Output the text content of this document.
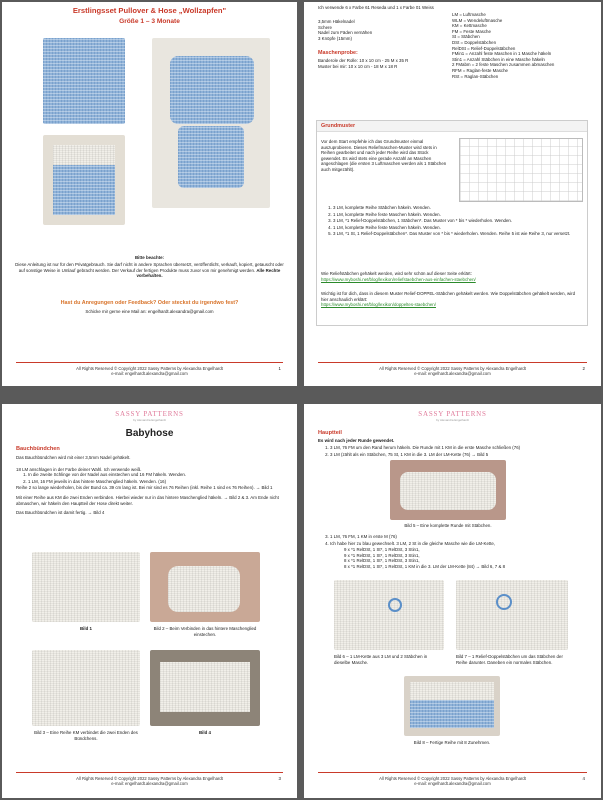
Erstlingsset Pullover & Hose „Wollzapfen"
Größe 1 – 3 Monate
Bitte beachte:
Diese Anleitung ist nur für den Privatgebrauch. Sie darf nicht in andere Sprachen übersetzt, veröffentlicht, verkauft, kopiert, getauscht oder auf sonstige Weise in Umlauf gebracht werden. Der Verkauf der fertigen Produkte muss zuvor von mir genehmigt werden. Alle Rechte vorbehalten.
Hast du Anregungen oder Feedback? Oder steckst du irgendwo fest?
Schicke mir gerne eine Mail an: engelhardt.alexandra@gmail.com
All Rights Reserved © Copyright 2022 Sassy Patterns by Alexandra Engelhardt
e-mail: engelhardt.alexandra@gmail.com
1
Ich verwende 6 x Farbe 61 Reseda und 1 x Farbe 01 Weiss
3,5mm Häkelnadel
Schere
Nadel zum Fäden vernähen
3 Knöpfe (15mm)
Maschenprobe:
Banderole der Rolle: 10 x 10 cm - 25 M x 35 R
Muster bei mir: 10 x 10 cm - 18 M x 18 R
LM = Luftmasche
WLM = Wendeluftmasche
KM = Kettmasche
FM = Feste Masche
St = Stäbchen
DSt = Doppelstäbchen
RelDSt = Relief-Doppelstäbchen
FMin1 = Anzahl feste Maschen in 1 Masche häkeln
Stin1 = Anzahl Stäbchen in eine Masche häkeln
2 FMabm = 2 feste Maschen zusammen abmaschen
RFM = Raglan-feste Masche
RSt = Raglan-Stäbchen
Grundmuster
Vor dem Start empfehle ich das Grundmuster einmal auszuprobieren. Dieses Reliefmaschen-Muster wird stets in Reihen gearbeitet und nach jeder Reihe wird das Stück gewendet. Es wird stets eine gerade Anzahl an Maschen angeschlagen (die ersten 3 Luftmaschen werden als 1 Stäbchen auch mitgezählt).
1. 3 LM, komplette Reihe Stäbchen häkeln. Wenden.
2. 1 LM, komplette Reihe feste Maschen häkeln. Wenden.
3. 3 LM, *1 Relief-Doppelstäbchen, 1 Stäbchen*. Das Muster von * bis * wiederholen. Wenden.
4. 1 LM, komplette Reihe feste Maschen häkeln. Wenden.
5. 3 LM, *1 St, 1 Relief-Doppelstäbchen*. Das Muster von * bis * wiederholen. Wenden. Reihe 5 ist wie Reihe 3, nur versetzt.
Wie Reliefstäbchen gehäkelt werden, wird sehr schön auf dieser Seite erklärt:
https://www.myboshi.net/blog/lexikon/reliefstaebchen-aus-einfachen-staebchen/
Wichtig ist für dich, dass in diesem Muster Relief-DOPPEL-Stäbchen gehäkelt werden. Wie Doppelstäbchen gehäkelt werden, wird hier anschaulich erklärt:
https://www.myboshi.net/blog/lexikon/doppeltes-staebchen/
All Rights Reserved © Copyright 2022 Sassy Patterns by Alexandra Engelhardt
e-mail: engelhardt.alexandra@gmail.com
2
SASSY PATTERNS
by Alexandra Engelhardt
Babyhose
Bauchbündchen
Das Bauchbündchen wird mit einer 3,5mm Nadel gehäkelt.
18 LM anschlagen in der Farbe deiner Wahl. Ich verwende weiß.
1. In die zweite Schlinge von der Nadel aus einstechen und 16 FM häkeln. Wenden.
2. 1 LM, 16 FM jeweils in das hintere Maschenglied häkeln. Wenden. (16)
Reihe 2 so lange wiederholen, bis der Bund ca. 39 cm lang ist. Bei mir sind es 76 Reihen (inkl. Reihe 1 sind es 76 Reihen). → Bild 1
Mit einer Reihe aus KM die zwei Enden verbinden. Hierbei wieder nur in das hintere Maschenglied häkeln. → Bild 2 & 3. Am Ende nicht abmaschen, wir häkeln den Hauptteil der Hose direkt weiter.
Das Bauchbündchen ist damit fertig. → Bild 4
Bild 1	Bild 2 – Beim Verbinden in das hintere Maschenglied einstechen.
Bild 3 – Eine Reihe KM verbindet die zwei Enden des Bündchens.
Bild 4
All Rights Reserved © Copyright 2022 Sassy Patterns by Alexandra Engelhardt
e-mail: engelhardt.alexandra@gmail.com
3
SASSY PATTERNS
by Alexandra Engelhardt
Hauptteil
Es wird nach jeder Runde gewendet.
1. 3 LM, 76 FM um den Rand herum häkeln. Die Runde mit 1 KM in die erste Masche schließen (76)
2. 3 LM (zählt als ein Stäbchen, 75 St, 1 KM in die 3. LM der LM-Kette (76) → Bild 5
Bild 5 – Eine komplette Runde mit Stäbchen.
3. 1 LM, 76 FM, 1 KM in erste M (76)
4. Ich habe hier zu blau gewechselt. 3 LM, 2 St in die gleiche Masche wie die LM-Kette,
9 x *1 RelDSt, 1 St*, 1 RelDSt, 3 Stin1,
9 x *1 RelDSt, 1 St*, 1 RelDSt, 3 Stin1,
8 x *1 RelDSt, 1 St*, 1 RelDSt, 3 Stin1,
8 x *1 RelDSt, 1 St*, 1 RelDSt, 1 KM in die 3. LM der LM-Kette (84) → Bild 6, 7 & 8
Bild 6 – 1 LM-Kette aus 3 LM und 2 Stäbchen in dieselbe Masche.
Bild 7 – 1 Relief-Doppelstäbchen um das Stäbchen der Reihe darunter. Daneben ein normales Stäbchen.
Bild 8 – Fertige Reihe mit 8 Zunehmen.
All Rights Reserved © Copyright 2022 Sassy Patterns by Alexandra Engelhardt
e-mail: engelhardt.alexandra@gmail.com
4
